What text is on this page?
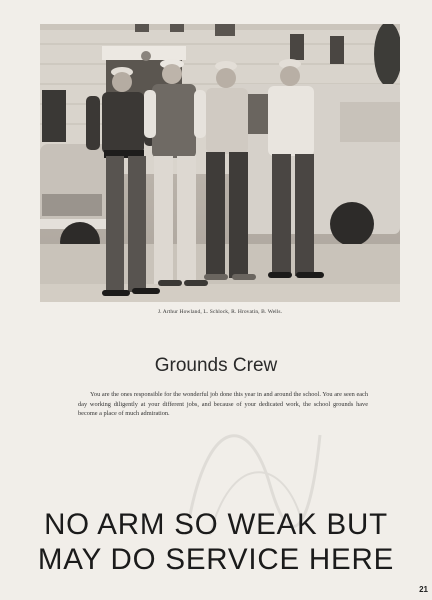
J. Arthur Howland, L. Schlock, R. Hrovatin, B. Wells.
Grounds Crew

You are the ones responsible for the wonderful job done this year in and around the school. You are seen each day working diligently at your different jobs, and because of your dedicated work, the school grounds have become a place of much admiration.

NO ARM SO WEAK BUT
MAY DO SERVICE HERE
21
